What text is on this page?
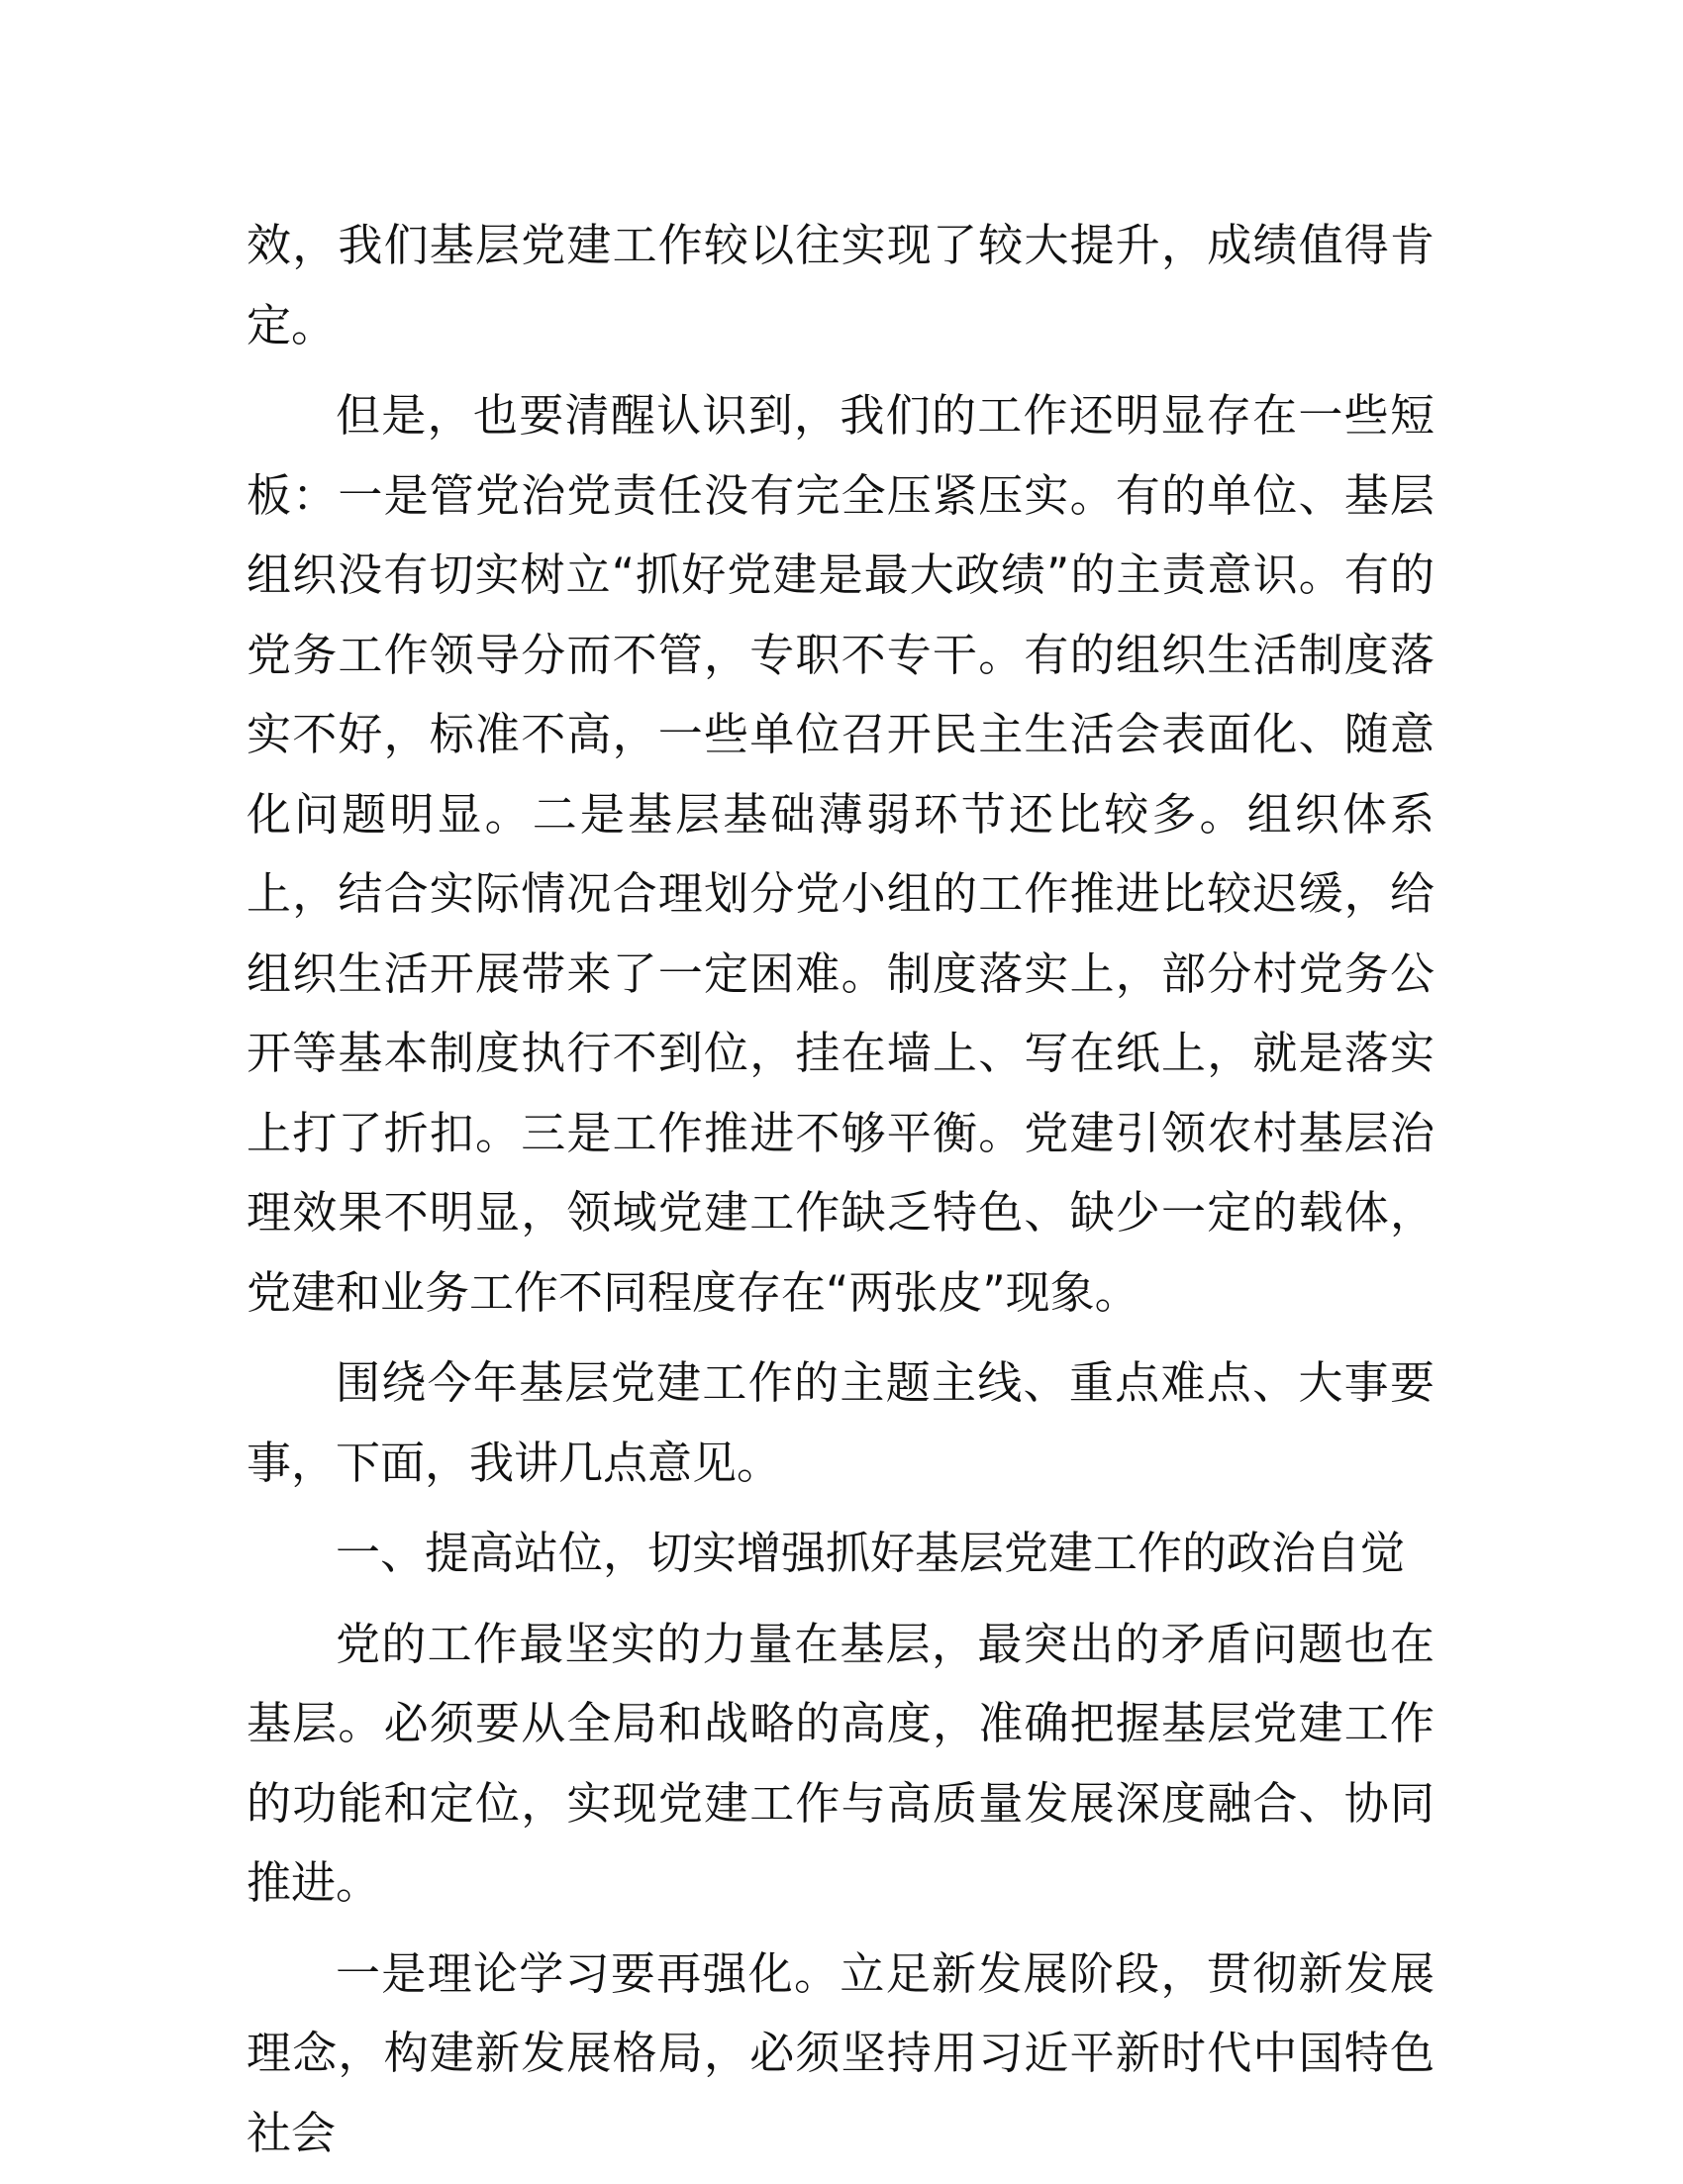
效，我们基层党建工作较以往实现了较大提升，成绩值得肯定。

但是，也要清醒认识到，我们的工作还明显存在一些短板：一是管党治党责任没有完全压紧压实。有的单位、基层组织没有切实树立“抓好党建是最大政绩”的主责意识。有的党务工作领导分而不管，专职不专干。有的组织生活制度落实不好，标准不高，一些单位召开民主生活会表面化、随意化问题明显。二是基层基础薄弱环节还比较多。组织体系上，结合实际情况合理划分党小组的工作推进比较迟缓，给组织生活开展带来了一定困难。制度落实上，部分村党务公开等基本制度执行不到位，挂在墙上、写在纸上，就是落实上打了折扣。三是工作推进不够平衡。党建引领农村基层治理效果不明显，领域党建工作缺乏特色、缺少一定的载体，党建和业务工作不同程度存在“两张皮”现象。

围绕今年基层党建工作的主题主线、重点难点、大事要事，下面，我讲几点意见。

一、提高站位，切实增强抓好基层党建工作的政治自觉

党的工作最坚实的力量在基层，最突出的矛盾问题也在基层。必须要从全局和战略的高度，准确把握基层党建工作的功能和定位，实现党建工作与高质量发展深度融合、协同推进。

一是理论学习要再强化。立足新发展阶段，贯彻新发展理念，构建新发展格局，必须坚持用习近平新时代中国特色社会
